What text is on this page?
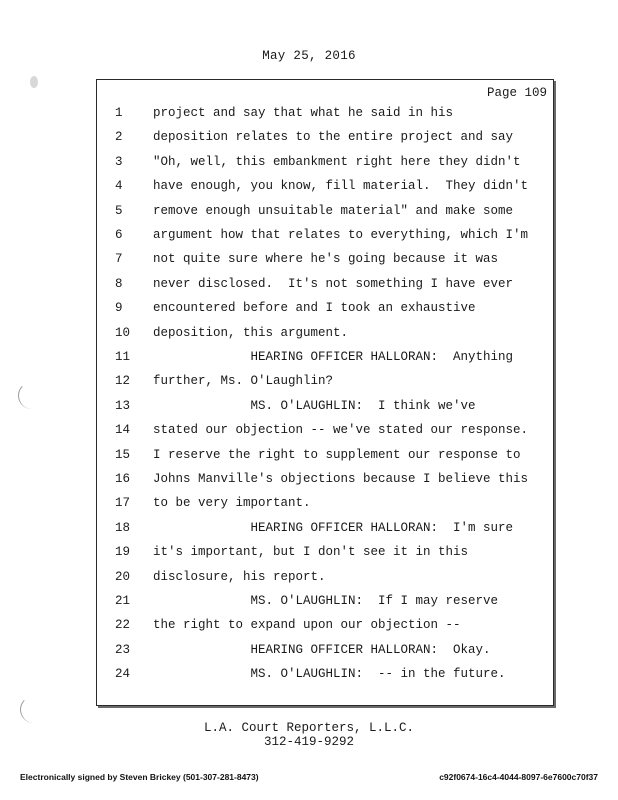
May 25, 2016
Page 109
1	project and say that what he said in his
2	deposition relates to the entire project and say
3	"Oh, well, this embankment right here they didn't
4	have enough, you know, fill material.  They didn't
5	remove enough unsuitable material" and make some
6	argument how that relates to everything, which I'm
7	not quite sure where he's going because it was
8	never disclosed.  It's not something I have ever
9	encountered before and I took an exhaustive
10	deposition, this argument.
11	HEARING OFFICER HALLORAN:  Anything
12	further, Ms. O'Laughlin?
13	MS. O'LAUGHLIN:  I think we've
14	stated our objection -- we've stated our response.
15	I reserve the right to supplement our response to
16	Johns Manville's objections because I believe this
17	to be very important.
18	HEARING OFFICER HALLORAN:  I'm sure
19	it's important, but I don't see it in this
20	disclosure, his report.
21	MS. O'LAUGHLIN:  If I may reserve
22	the right to expand upon our objection --
23	HEARING OFFICER HALLORAN:  Okay.
24	MS. O'LAUGHLIN:  -- in the future.
L.A. Court Reporters, L.L.C.
312-419-9292
Electronically signed by Steven Brickey (501-307-281-8473)	c92f0674-16c4-4044-8097-6e7600c70f37
